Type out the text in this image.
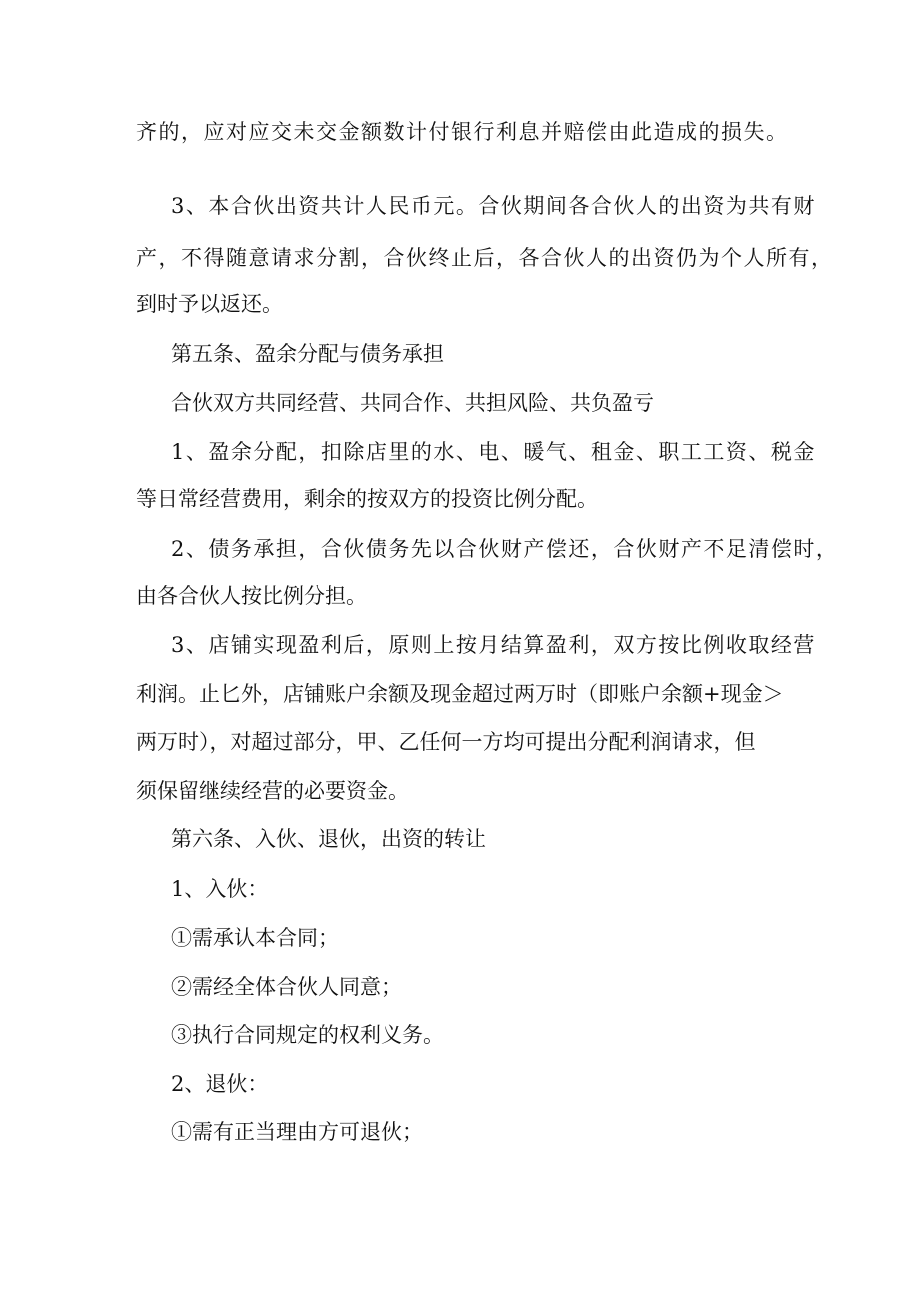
齐的，应对应交未交金额数计付银行利息并赔偿由此造成的损失。
3、本合伙出资共计人民币元。合伙期间各合伙人的出资为共有财
产，不得随意请求分割，合伙终止后，各合伙人的出资仍为个人所有，
到时予以返还。
第五条、盈余分配与债务承担
合伙双方共同经营、共同合作、共担风险、共负盈亏
1、盈余分配，扣除店里的水、电、暖气、租金、职工工资、税金
等日常经营费用，剩余的按双方的投资比例分配。
2、债务承担，合伙债务先以合伙财产偿还，合伙财产不足清偿时，
由各合伙人按比例分担。
3、店铺实现盈利后，原则上按月结算盈利，双方按比例收取经营
利润。止匕外，店铺账户余额及现金超过两万时（即账户余额+现金＞
两万时），对超过部分，甲、乙任何一方均可提出分配利润请求，但
须保留继续经营的必要资金。
第六条、入伙、退伙，出资的转让
1、入伙：
①需承认本合同；
②需经全体合伙人同意；
③执行合同规定的权利义务。
2、退伙：
①需有正当理由方可退伙；
